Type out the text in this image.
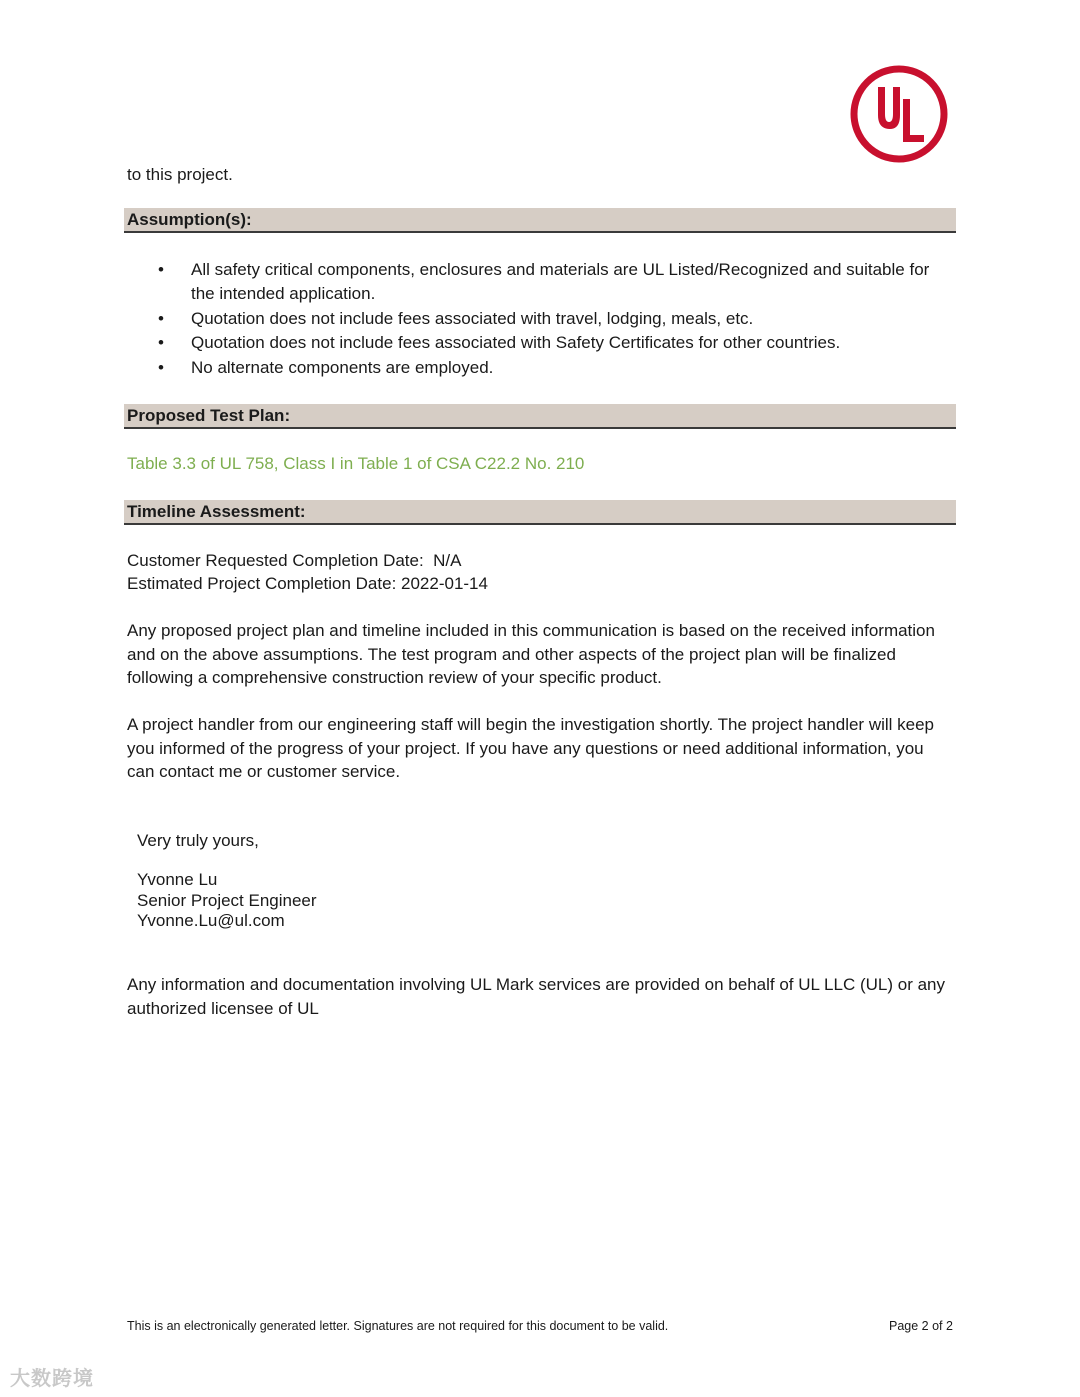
to this project.
Assumption(s):
• All safety critical components, enclosures and materials are UL Listed/Recognized and suitable for the intended application.
• Quotation does not include fees associated with travel, lodging, meals, etc.
• Quotation does not include fees associated with Safety Certificates for other countries.
• No alternate components are employed.
Proposed Test Plan:
Table 3.3 of UL 758, Class I in Table 1 of CSA C22.2 No. 210
Timeline Assessment:
Customer Requested Completion Date:  N/A
Estimated Project Completion Date: 2022-01-14
Any proposed project plan and timeline included in this communication is based on the received information and on the above assumptions. The test program and other aspects of the project plan will be finalized following a comprehensive construction review of your specific product.
A project handler from our engineering staff will begin the investigation shortly. The project handler will keep you informed of the progress of your project. If you have any questions or need additional information, you can contact me or customer service.
Very truly yours,
Yvonne Lu
Senior Project Engineer
Yvonne.Lu@ul.com
Any information and documentation involving UL Mark services are provided on behalf of UL LLC (UL) or any authorized licensee of UL
This is an electronically generated letter. Signatures are not required for this document to be valid.	Page 2 of 2
大数跨境
